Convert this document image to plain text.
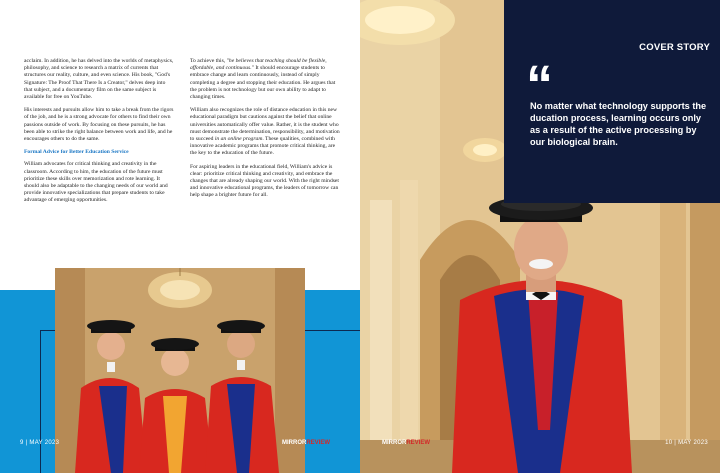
acclaim. In addition, he has delved into the worlds of metaphysics, philosophy, and science to research a matrix of currents that structures our reality, culture, and even science. His book, "God's Signature: The Proof That There Is a Creator," delves deep into that subject, and a documentary film on the same subject is available for free on YouTube.

His interests and pursuits allow him to take a break from the rigors of the job, and he is a strong advocate for others to find their own passions outside of work. By focusing on these pursuits, he has been able to strike the right balance between work and life, and he encourages others to do the same.

Formal Advice for Better Education Service

William advocates for critical thinking and creativity in the classroom. According to him, the education of the future must prioritize these skills over memorization and rote learning. It should also be adaptable to the changing needs of our world and provide innovative specializations that prepare students to take advantage of emerging opportunities.

To achieve this, "he believes that teaching should be flexible, affordable, and continuous." It should encourage students to embrace change and learn continuously, instead of simply completing a degree and stopping their education. He argues that the problem is not technology but our own ability to adapt to changing times.

William also recognizes the role of distance education in this new educational paradigm but cautions against the belief that online universities automatically offer value. Rather, it is the student who must demonstrate the determination, responsibility, and motivation to succeed in an online program. These qualities, combined with innovative academic programs that promote critical thinking, are the key to the education of the future.

For aspiring leaders in the educational field, William's advice is clear: prioritize critical thinking and creativity, and embrace the changes that are already shaping our world. With the right mindset and innovative educational programs, the leaders of tomorrow can help shape a brighter future for all.

9 | MAY 2023	MIRRORREVIEW
COVER STORY
“

No matter what technology supports the ducation process, learning occurs only as a result of the active processing by our biological brain.

MIRRORREVIEW	10 | MAY 2023
